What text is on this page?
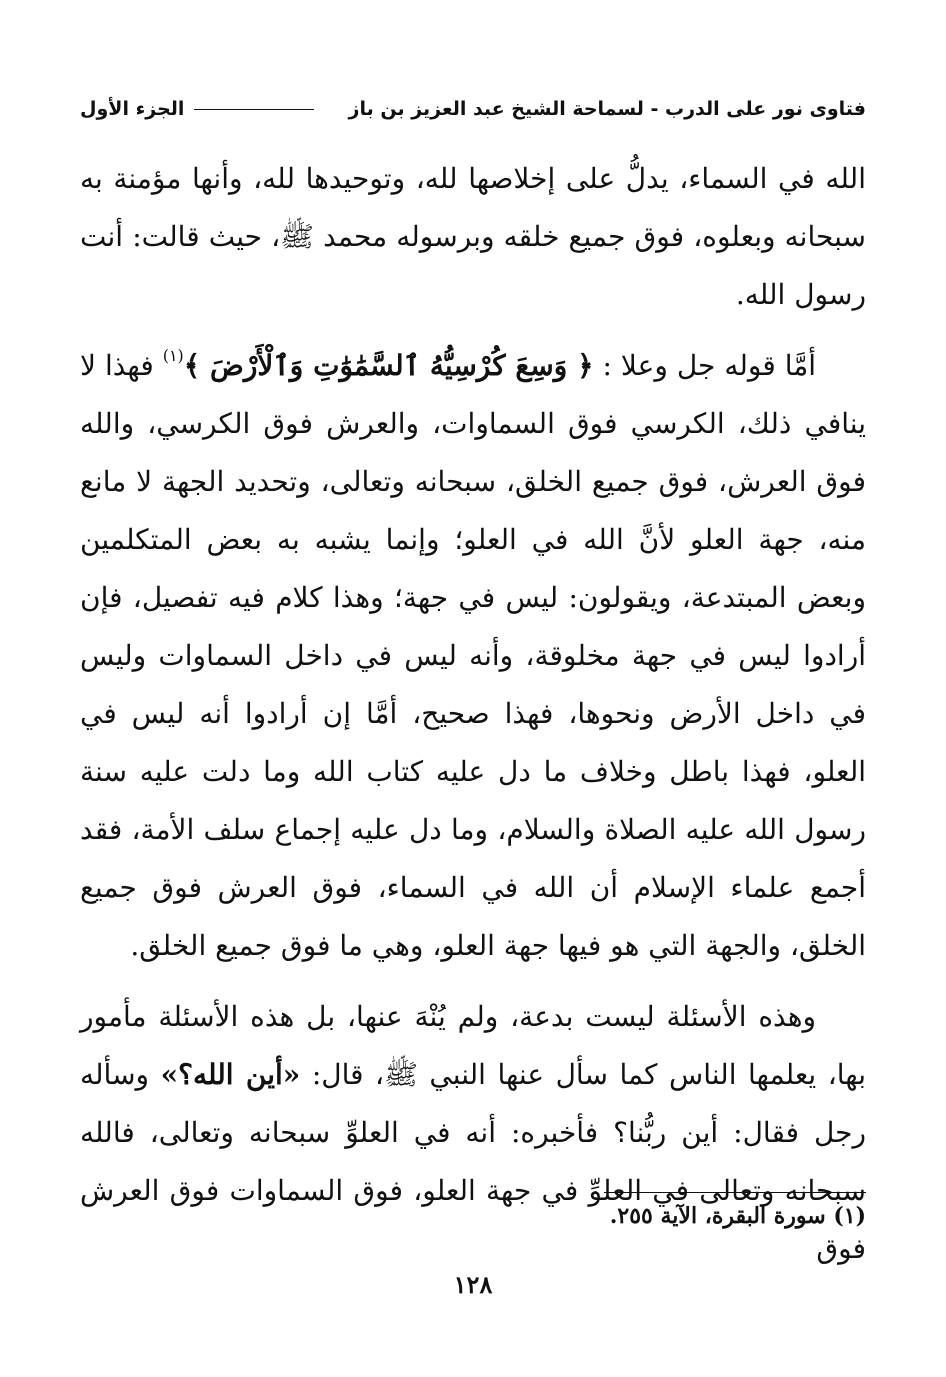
فتاوى نور على الدرب - لسماحة الشيخ عبد العزيز بن باز
الجزء الأول

الله في السماء، يدلُّ على إخلاصها لله، وتوحيدها لله، وأنها مؤمنة به سبحانه وبعلوه، فوق جميع خلقه وبرسوله محمد ﷺ، حيث قالت: أنت رسول الله.

أمَّا قوله جل وعلا : ﴿ وَسِعَ كُرْسِيُّهُ ٱلسَّمَٰوَٰتِ وَٱلْأَرْضَ ﴾$^{(١)}$ فهذا لا ينافي ذلك، الكرسي فوق السماوات، والعرش فوق الكرسي، والله فوق العرش، فوق جميع الخلق، سبحانه وتعالى، وتحديد الجهة لا مانع منه، جهة العلو لأنَّ الله في العلو؛ وإنما يشبه به بعض المتكلمين وبعض المبتدعة، ويقولون: ليس في جهة؛ وهذا كلام فيه تفصيل، فإن أرادوا ليس في جهة مخلوقة، وأنه ليس في داخل السماوات وليس في داخل الأرض ونحوها، فهذا صحيح، أمَّا إن أرادوا أنه ليس في العلو، فهذا باطل وخلاف ما دل عليه كتاب الله وما دلت عليه سنة رسول الله عليه الصلاة والسلام، وما دل عليه إجماع سلف الأمة، فقد أجمع علماء الإسلام أن الله في السماء، فوق العرش فوق جميع الخلق، والجهة التي هو فيها جهة العلو، وهي ما فوق جميع الخلق.

وهذه الأسئلة ليست بدعة، ولم يُنْهَ عنها، بل هذه الأسئلة مأمور بها، يعلمها الناس كما سأل عنها النبي ﷺ، قال: «أين الله؟» وسأله رجل فقال: أين ربُّنا؟ فأخبره: أنه في العلوِّ سبحانه وتعالى، فالله سبحانه وتعالى في العلوِّ في جهة العلو، فوق السماوات فوق العرش فوق

(١) سورة البقرة، الآية ٢٥٥.
١٢٨
